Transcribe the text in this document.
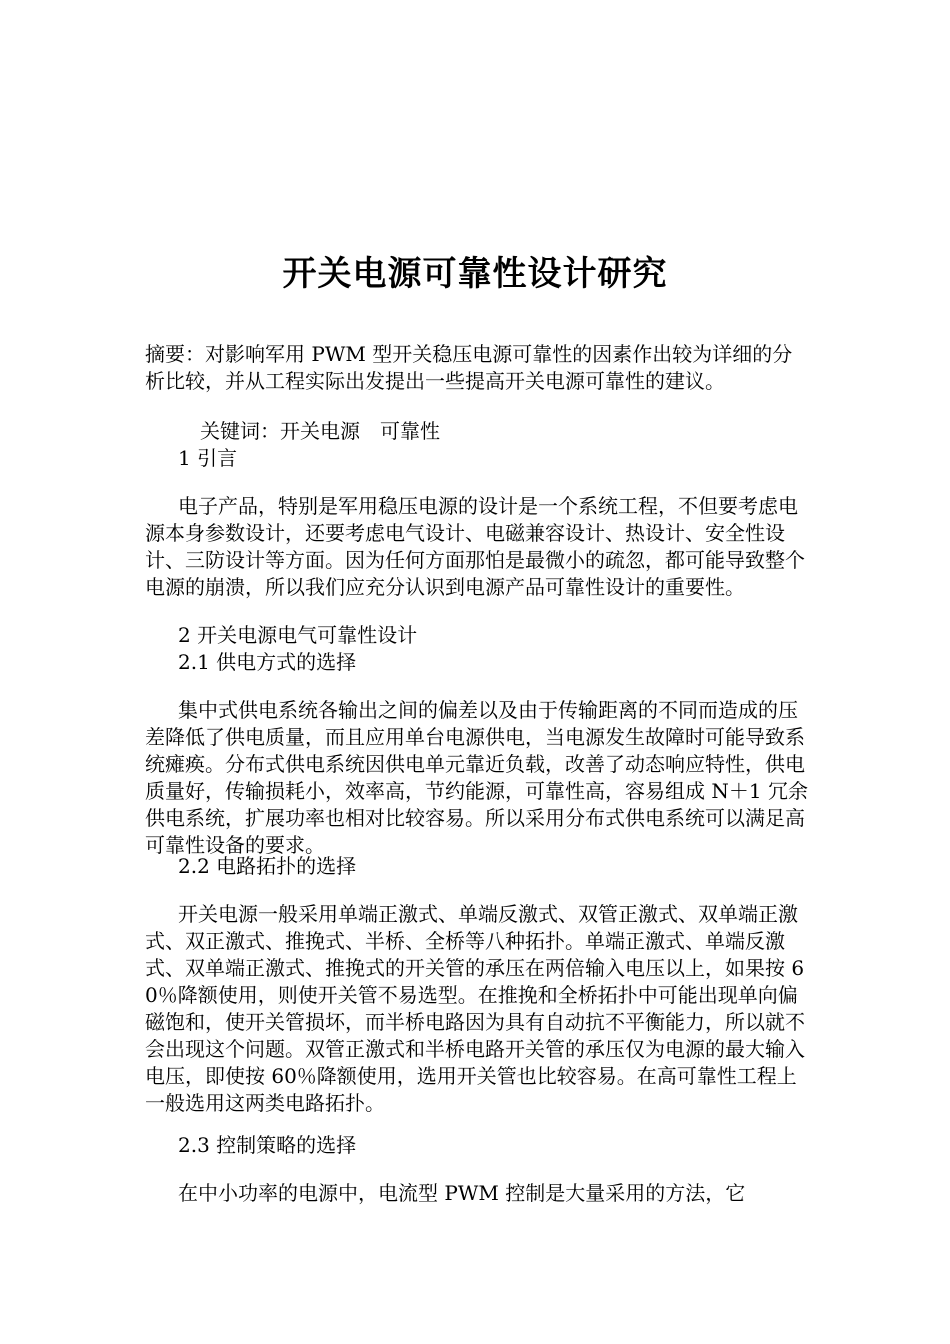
开关电源可靠性设计研究

摘要：对影响军用 PWM 型开关稳压电源可靠性的因素作出较为详细的分析比较，并从工程实际出发提出一些提高开关电源可靠性的建议。

关键词：开关电源　可靠性

1 引言

电子产品，特别是军用稳压电源的设计是一个系统工程，不但要考虑电源本身参数设计，还要考虑电气设计、电磁兼容设计、热设计、安全性设计、三防设计等方面。因为任何方面那怕是最微小的疏忽，都可能导致整个电源的崩溃，所以我们应充分认识到电源产品可靠性设计的重要性。

2 开关电源电气可靠性设计

2.1 供电方式的选择

集中式供电系统各输出之间的偏差以及由于传输距离的不同而造成的压差降低了供电质量，而且应用单台电源供电，当电源发生故障时可能导致系统瘫痪。分布式供电系统因供电单元靠近负载，改善了动态响应特性，供电质量好，传输损耗小，效率高，节约能源，可靠性高，容易组成 N＋1 冗余供电系统，扩展功率也相对比较容易。所以采用分布式供电系统可以满足高可靠性设备的要求。

2.2 电路拓扑的选择

开关电源一般采用单端正激式、单端反激式、双管正激式、双单端正激式、双正激式、推挽式、半桥、全桥等八种拓扑。单端正激式、单端反激式、双单端正激式、推挽式的开关管的承压在两倍输入电压以上，如果按 60％降额使用，则使开关管不易选型。在推挽和全桥拓扑中可能出现单向偏磁饱和，使开关管损坏，而半桥电路因为具有自动抗不平衡能力，所以就不会出现这个问题。双管正激式和半桥电路开关管的承压仅为电源的最大输入电压，即使按 60％降额使用，选用开关管也比较容易。在高可靠性工程上一般选用这两类电路拓扑。

2.3 控制策略的选择

在中小功率的电源中，电流型 PWM 控制是大量采用的方法，它
